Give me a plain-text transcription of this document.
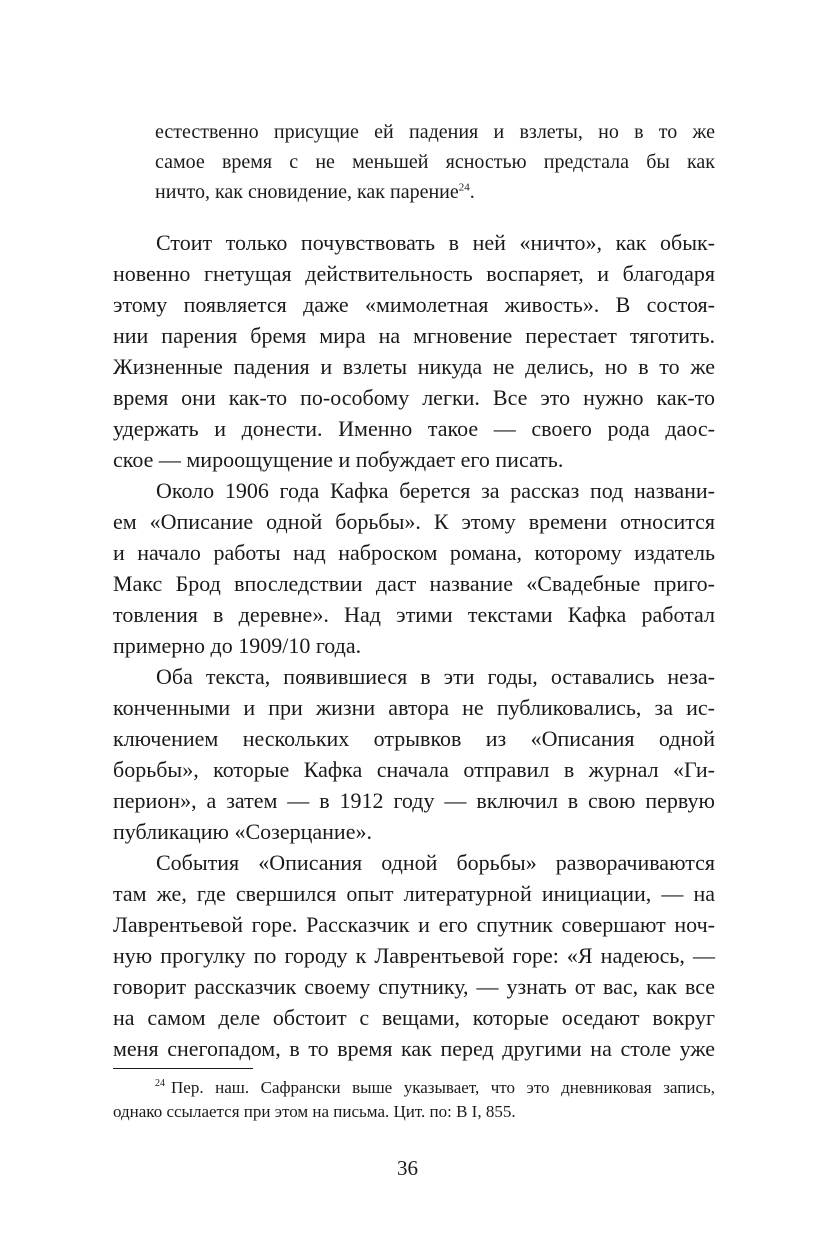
естественно присущие ей падения и взлеты, но в то же
самое время с не меньшей ясностью предстала бы как
ничто, как сновидение, как парение$^{24}$.
Стоит только почувствовать в ней «ничто», как обык-
новенно гнетущая действительность воспаряет, и благодаря
этому появляется даже «мимолетная живость». В состоя-
нии парения бремя мира на мгновение перестает тяготить.
Жизненные падения и взлеты никуда не делись, но в то же
время они как-то по-особому легки. Все это нужно как-то
удержать и донести. Именно такое — своего рода даос-
ское — мироощущение и побуждает его писать.
Около 1906 года Кафка берется за рассказ под названи-
ем «Описание одной борьбы». К этому времени относится
и начало работы над наброском романа, которому издатель
Макс Брод впоследствии даст название «Свадебные приго-
товления в деревне». Над этими текстами Кафка работал
примерно до 1909/10 года.
Оба текста, появившиеся в эти годы, оставались неза-
конченными и при жизни автора не публиковались, за ис-
ключением нескольких отрывков из «Описания одной
борьбы», которые Кафка сначала отправил в журнал «Ги-
перион», а затем — в 1912 году — включил в свою первую
публикацию «Созерцание».
События «Описания одной борьбы» разворачиваются
там же, где свершился опыт литературной инициации, — на
Лаврентьевой горе. Рассказчик и его спутник совершают ноч-
ную прогулку по городу к Лаврентьевой горе: «Я надеюсь, —
говорит рассказчик своему спутнику, — узнать от вас, как все
на самом деле обстоит с вещами, которые оседают вокруг
меня снегопадом, в то время как перед другими на столе уже
$^{24}$ Пер. наш. Сафрански выше указывает, что это дневниковая запись,
однако ссылается при этом на письма. Цит. по: B I, 855.
36
